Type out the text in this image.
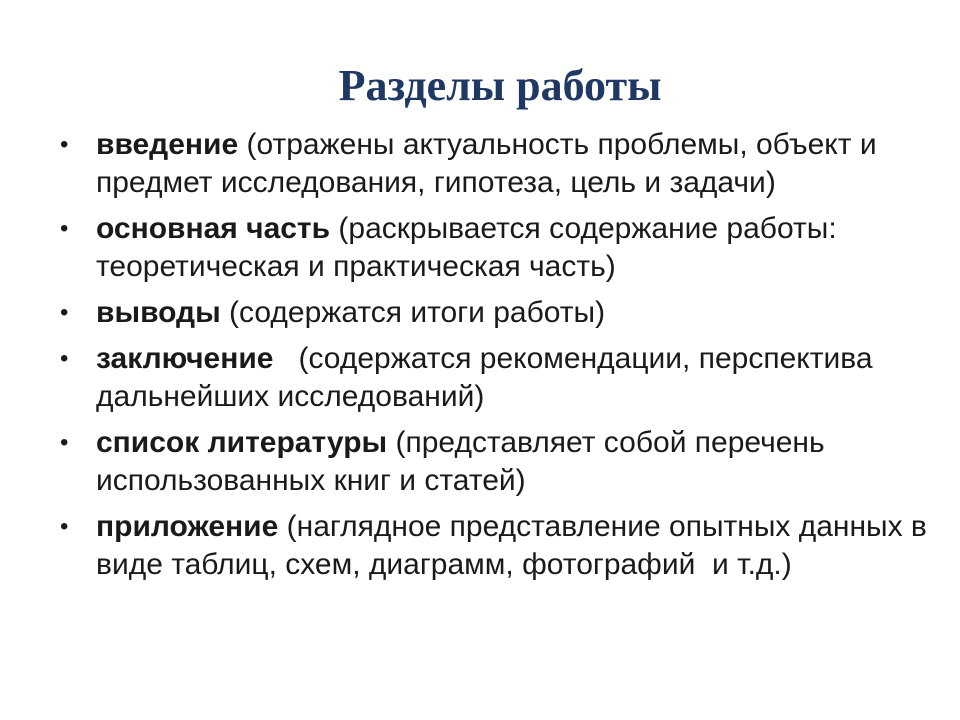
Разделы работы
• введение (отражены актуальность проблемы, объект и предмет исследования, гипотеза, цель и задачи)
• основная часть (раскрывается содержание работы: теоретическая и практическая часть)
• выводы (содержатся итоги работы)
• заключение   (содержатся рекомендации, перспектива дальнейших исследований)
• список литературы (представляет собой перечень использованных книг и статей)
• приложение (наглядное представление опытных данных в виде таблиц, схем, диаграмм, фотографий  и т.д.)
